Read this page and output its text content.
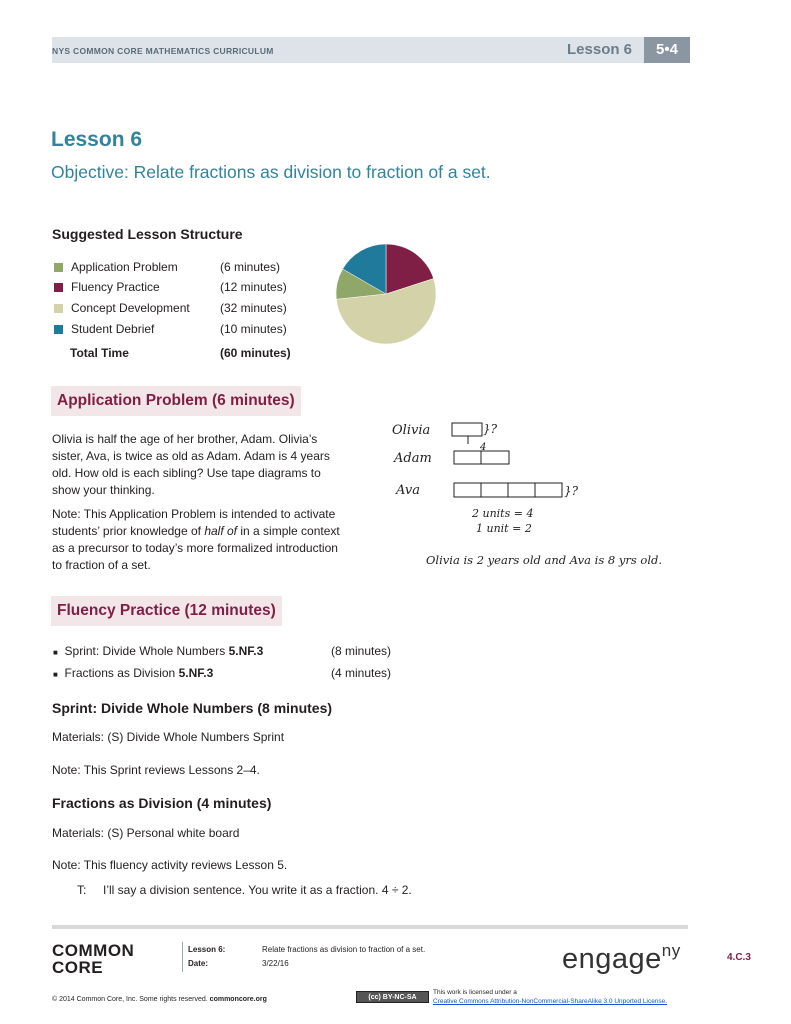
NYS COMMON CORE MATHEMATICS CURRICULUM	Lesson 6	5•4
Lesson 6
Objective: Relate fractions as division to fraction of a set.
Suggested Lesson Structure
Application Problem	(6 minutes)
Fluency Practice	(12 minutes)
Concept Development	(32 minutes)
Student Debrief	(10 minutes)
Total Time	(60 minutes)
Application Problem (6 minutes)
Olivia is half the age of her brother, Adam. Olivia’s
sister, Ava, is twice as old as Adam. Adam is 4 years
old. How old is each sibling? Use tape diagrams to
show your thinking.
Note: This Application Problem is intended to activate
students’ prior knowledge of half of in a simple context
as a precursor to today’s more formalized introduction
to fraction of a set.
Olivia
Adam
Ava
}?
4
}?
2 units = 4
1 unit = 2
Olivia is 2 years old and Ava is 8 yrs old.
Fluency Practice (12 minutes)
■ Sprint: Divide Whole Numbers 5.NF.3	(8 minutes)
■ Fractions as Division 5.NF.3	(4 minutes)
Sprint: Divide Whole Numbers (8 minutes)
Materials: (S) Divide Whole Numbers Sprint
Note: This Sprint reviews Lessons 2–4.
Fractions as Division (4 minutes)
Materials: (S) Personal white board
Note: This fluency activity reviews Lesson 5.
T: I’ll say a division sentence. You write it as a fraction. 4 ÷ 2.
COMMON
CORE
Lesson 6:	Relate fractions as division to fraction of a set.
Date:	3/22/16	engage$^{ny}$	4.C.3
© 2014 Common Core, Inc. Some rights reserved. commoncore.org	(cc) BY-NC-SA
This work is licensed under a
Creative Commons Attribution-NonCommercial-ShareAlike 3.0 Unported License.
